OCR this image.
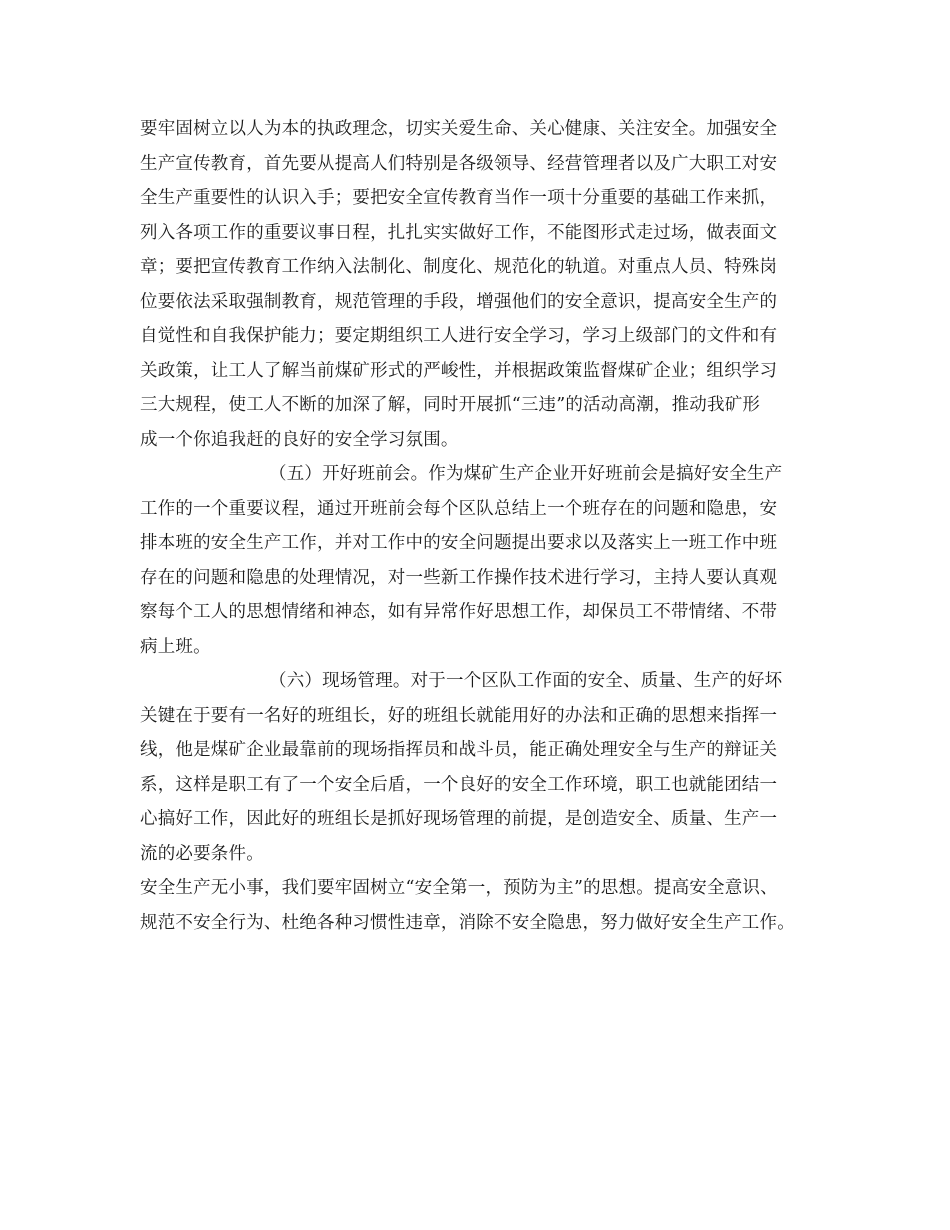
要牢固树立以人为本的执政理念，切实关爱生命、关心健康、关注安全。加强安全
生产宣传教育，首先要从提高人们特别是各级领导、经营管理者以及广大职工对安
全生产重要性的认识入手；要把安全宣传教育当作一项十分重要的基础工作来抓，
列入各项工作的重要议事日程，扎扎实实做好工作，不能图形式走过场，做表面文
章；要把宣传教育工作纳入法制化、制度化、规范化的轨道。对重点人员、特殊岗
位要依法采取强制教育，规范管理的手段，增强他们的安全意识，提高安全生产的
自觉性和自我保护能力；要定期组织工人进行安全学习，学习上级部门的文件和有
关政策，让工人了解当前煤矿形式的严峻性，并根据政策监督煤矿企业；组织学习
三大规程，使工人不断的加深了解，同时开展抓“三违”的活动高潮，推动我矿形
成一个你追我赶的良好的安全学习氛围。
（五）开好班前会。作为煤矿生产企业开好班前会是搞好安全生产
工作的一个重要议程，通过开班前会每个区队总结上一个班存在的问题和隐患，安
排本班的安全生产工作，并对工作中的安全问题提出要求以及落实上一班工作中班
存在的问题和隐患的处理情况，对一些新工作操作技术进行学习，主持人要认真观
察每个工人的思想情绪和神态，如有异常作好思想工作，却保员工不带情绪、不带
病上班。
（六）现场管理。对于一个区队工作面的安全、质量、生产的好坏
关键在于要有一名好的班组长，好的班组长就能用好的办法和正确的思想来指挥一
线，他是煤矿企业最靠前的现场指挥员和战斗员，能正确处理安全与生产的辩证关
系，这样是职工有了一个安全后盾，一个良好的安全工作环境，职工也就能团结一
心搞好工作，因此好的班组长是抓好现场管理的前提，是创造安全、质量、生产一
流的必要条件。
安全生产无小事，我们要牢固树立“安全第一，预防为主”的思想。提高安全意识、
规范不安全行为、杜绝各种习惯性违章，消除不安全隐患，努力做好安全生产工作。
